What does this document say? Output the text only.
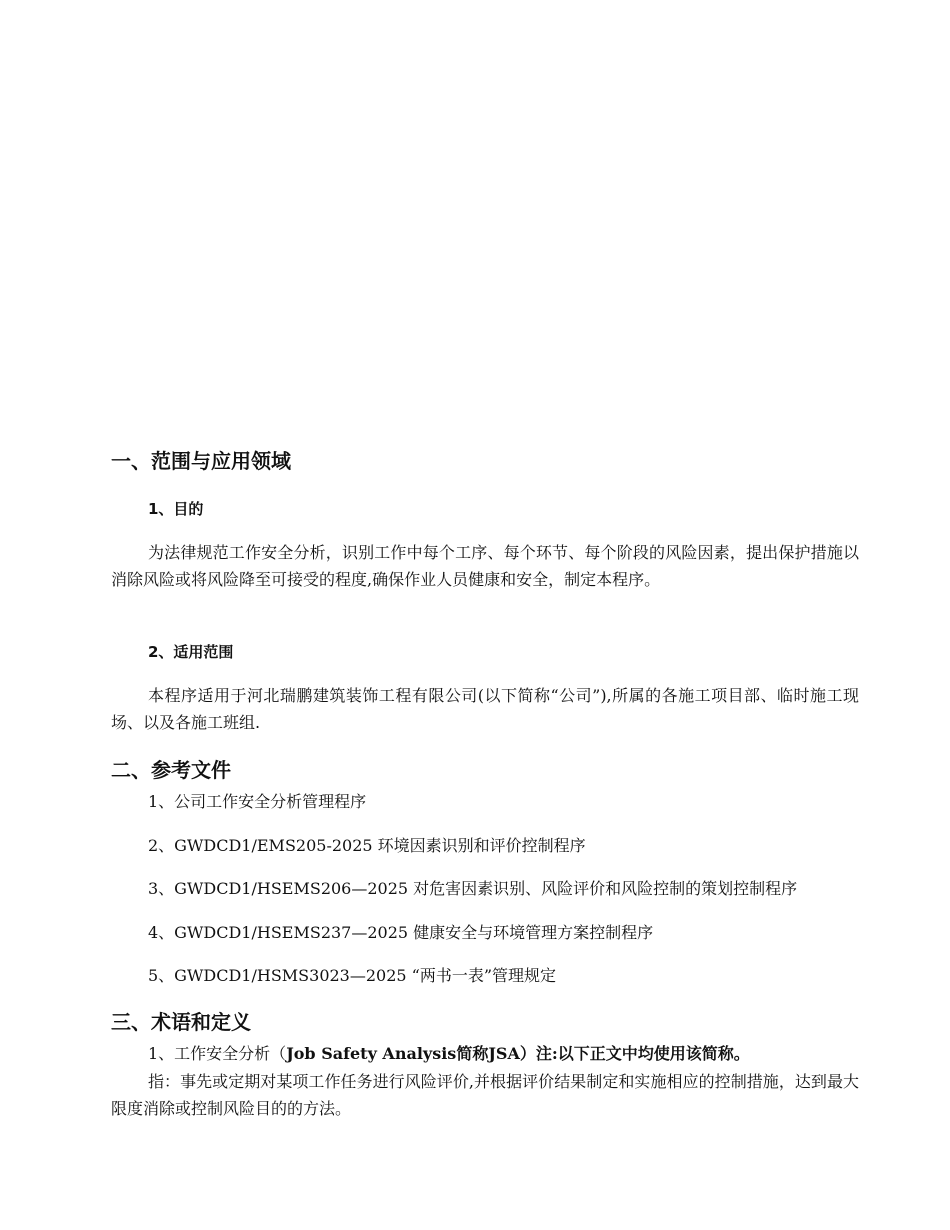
一、范围与应用领域
1、目的

为法律规范工作安全分析，识别工作中每个工序、每个环节、每个阶段的风险因素，提出保护措施以消除风险或将风险降至可接受的程度,确保作业人员健康和安全，制定本程序。

2、适用范围

本程序适用于河北瑞鹏建筑装饰工程有限公司(以下简称“公司”),所属的各施工项目部、临时施工现场、以及各施工班组.

二、参考文件

1、公司工作安全分析管理程序

2、GWDCD1/EMS205-2025 环境因素识别和评价控制程序

3、GWDCD1/HSEMS206—2025 对危害因素识别、风险评价和风险控制的策划控制程序

4、GWDCD1/HSEMS237—2025 健康安全与环境管理方案控制程序

5、GWDCD1/HSMS3023—2025 “两书一表”管理规定

三、术语和定义

1、工作安全分析（Job Safety Analysis简称JSA）注:以下正文中均使用该简称。

指：事先或定期对某项工作任务进行风险评价,并根据评价结果制定和实施相应的控制措施，达到最大限度消除或控制风险目的的方法。
